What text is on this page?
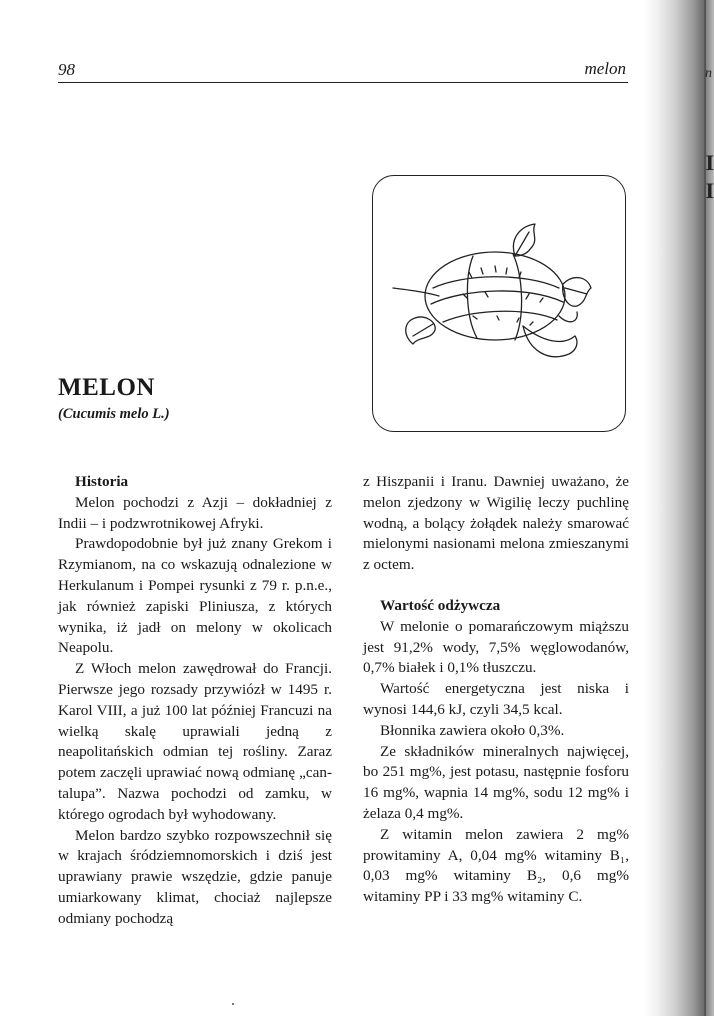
n
I
I
98	melon
MELON
(Cucumis melo L.)
Historia

Melon pochodzi z Azji – dokładniej z Indii – i podzwrotnikowej Afryki.

Prawdopodobnie był już znany Grekom i Rzymianom, na co wskazują odnalezione w Herkulanum i Pompei rysunki z 79 r. p.n.e., jak również zapiski Pliniusza, z których wynika, iż jadł on melony w okolicach Neapolu.

Z Włoch melon zawędrował do Francji. Pierwsze jego rozsady przywiózł w 1495 r. Karol VIII, a już 100 lat później Francuzi na wielką skalę uprawiali jedną z neapolitańskich odmian tej rośliny. Zaraz potem zaczęli uprawiać nową odmianę „cantalupa”. Nazwa pochodzi od zamku, w którego ogrodach był wyhodowany.

Melon bardzo szybko rozpowszechnił się w krajach śródziemnomorskich i dziś jest uprawiany prawie wszędzie, gdzie panuje umiarkowany klimat, chociaż najlepsze odmiany pochodzą

z Hiszpanii i Iranu. Dawniej uważano, że melon zjedzony w Wigilię leczy puchlinę wodną, a bolący żołądek należy smarować mielonymi nasionami melona zmieszanymi z octem.

Wartość odżywcza

W melonie o pomarańczowym miąższu jest 91,2% wody, 7,5% węglowodanów, 0,7% białek i 0,1% tłuszczu.

Wartość energetyczna jest niska i wynosi 144,6 kJ, czyli 34,5 kcal.

Błonnika zawiera około 0,3%.

Ze składników mineralnych najwięcej, bo 251 mg%, jest potasu, następnie fosforu 16 mg%, wapnia 14 mg%, sodu 12 mg% i żelaza 0,4 mg%.

Z witamin melon zawiera 2 mg% prowitaminy A, 0,04 mg% witaminy B₁, 0,03 mg% witaminy B₂, 0,6 mg% witaminy PP i 33 mg% witaminy C.
